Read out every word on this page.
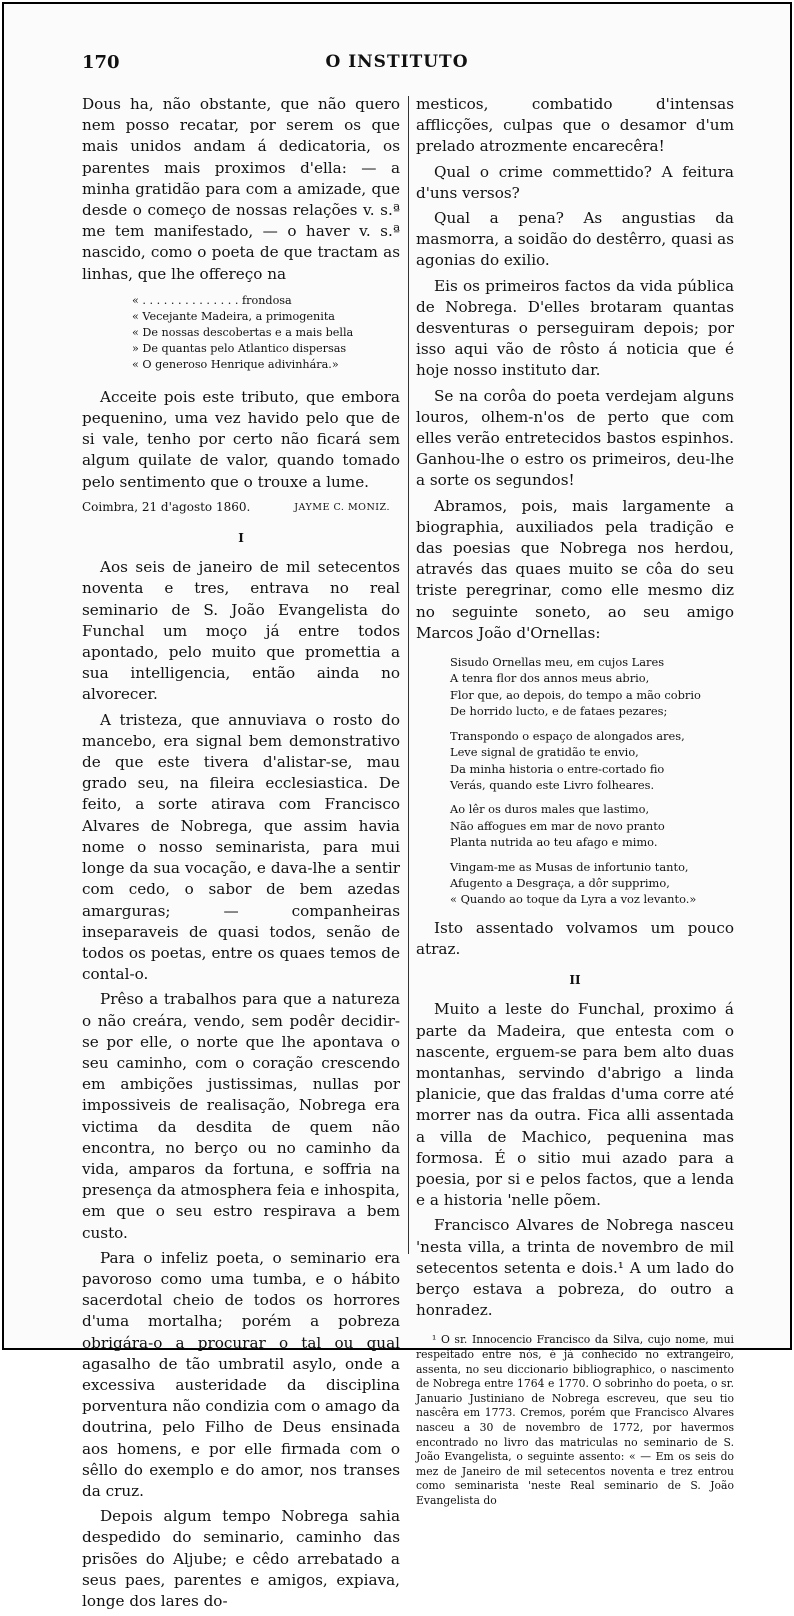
O INSTITUTO
170

Dous ha, não obstante, que não quero nem posso recatar, por serem os que mais unidos andam á dedicatoria, os parentes mais proximos d'ella: — a minha gratidão para com a amizade, que desde o começo de nossas relações v. s.ª me tem manifestado, — o haver v. s.ª nascido, como o poeta de que tractam as linhas, que lhe offereço na

« . . . . . . . . . . . . . . frondosa
« Vecejante Madeira, a primogenita
« De nossas descobertas e a mais bella
» De quantas pelo Atlantico dispersas
« O generoso Henrique adivinhára.»

Acceite pois este tributo, que embora pequenino, uma vez havido pelo que de si vale, tenho por certo não ficará sem algum quilate de valor, quando tomado pelo sentimento que o trouxe a lume.

Coimbra, 21 d'agosto 1860.	JAYME C. MONIZ.
I

Aos seis de janeiro de mil setecentos noventa e tres, entrava no real seminario de S. João Evangelista do Funchal um moço já entre todos apontado, pelo muito que promettia a sua intelligencia, então ainda no alvorecer.

A tristeza, que annuviava o rosto do mancebo, era signal bem demonstrativo de que este tivera d'alistar-se, mau grado seu, na fileira ecclesiastica. De feito, a sorte atirava com Francisco Alvares de Nobrega, que assim havia nome o nosso seminarista, para mui longe da sua vocação, e dava-lhe a sentir com cedo, o sabor de bem azedas amarguras; — companheiras inseparaveis de quasi todos, senão de todos os poetas, entre os quaes temos de contal-o.

Prêso a trabalhos para que a natureza o não creára, vendo, sem podêr decidir-se por elle, o norte que lhe apontava o seu caminho, com o coração crescendo em ambições justissimas, nullas por impossiveis de realisação, Nobrega era victima da desdita de quem não encontra, no berço ou no caminho da vida, amparos da fortuna, e soffria na presença da atmosphera feia e inhospita, em que o seu estro respirava a bem custo.

Para o infeliz poeta, o seminario era pavoroso como uma tumba, e o hábito sacerdotal cheio de todos os horrores d'uma mortalha; porém a pobreza obrigára-o a procurar o tal ou qual agasalho de tão umbratil asylo, onde a excessiva austeridade da disciplina porventura não condizia com o amago da doutrina, pelo Filho de Deus ensinada aos homens, e por elle firmada com o sêllo do exemplo e do amor, nos transes da cruz.

Depois algum tempo Nobrega sahia despedido do seminario, caminho das prisões do Aljube; e cêdo arrebatado a seus paes, parentes e amigos, expiava, longe dos lares do-

mesticos, combatido d'intensas afflicções, culpas que o desamor d'um prelado atrozmente encarecêra!

Qual o crime commettido? A feitura d'uns versos?

Qual a pena? As angustias da masmorra, a soidão do destêrro, quasi as agonias do exilio.

Eis os primeiros factos da vida pública de Nobrega. D'elles brotaram quantas desventuras o perseguiram depois; por isso aqui vão de rôsto á noticia que é hoje nosso instituto dar.

Se na corôa do poeta verdejam alguns louros, olhem-n'os de perto que com elles verão entretecidos bastos espinhos. Ganhou-lhe o estro os primeiros, deu-lhe a sorte os segundos!

Abramos, pois, mais largamente a biographia, auxiliados pela tradição e das poesias que Nobrega nos herdou, através das quaes muito se côa do seu triste peregrinar, como elle mesmo diz no seguinte soneto, ao seu amigo Marcos João d'Ornellas:

Sisudo Ornellas meu, em cujos Lares
A tenra flor dos annos meus abrio,
Flor que, ao depois, do tempo a mão cobrio
De horrido lucto, e de fataes pezares;
Transpondo o espaço de alongados ares,
Leve signal de gratidão te envio,
Da minha historia o entre-cortado fio
Verás, quando este Livro folheares.
Ao lêr os duros males que lastimo,
Não affogues em mar de novo pranto
Planta nutrida ao teu afago e mimo.
Vingam-me as Musas de infortunio tanto,
Afugento a Desgraça, a dôr supprimo,
« Quando ao toque da Lyra a voz levanto.»

Isto assentado volvamos um pouco atraz.

II

Muito a leste do Funchal, proximo á parte da Madeira, que entesta com o nascente, erguem-se para bem alto duas montanhas, servindo d'abrigo a linda planicie, que das fraldas d'uma corre até morrer nas da outra. Fica alli assentada a villa de Machico, pequenina mas formosa. É o sitio mui azado para a poesia, por si e pelos factos, que a lenda e a historia 'nelle põem.

Francisco Alvares de Nobrega nasceu 'nesta villa, a trinta de novembro de mil setecentos setenta e dois.¹ A um lado do berço estava a pobreza, do outro a honradez.

¹ O sr. Innocencio Francisco da Silva, cujo nome, mui respeitado entre nós, é já conhecido no extrangeiro, assenta, no seu diccionario bibliographico, o nascimento de Nobrega entre 1764 e 1770. O sobrinho do poeta, o sr. Januario Justiniano de Nobrega escreveu, que seu tio nascêra em 1773. Cremos, porém que Francisco Alvares nasceu a 30 de novembro de 1772, por havermos encontrado no livro das matriculas no seminario de S. João Evangelista, o seguinte assento: « — Em os seis do mez de Janeiro de mil setecentos noventa e trez entrou como seminarista 'neste Real seminario de S. João Evangelista do
